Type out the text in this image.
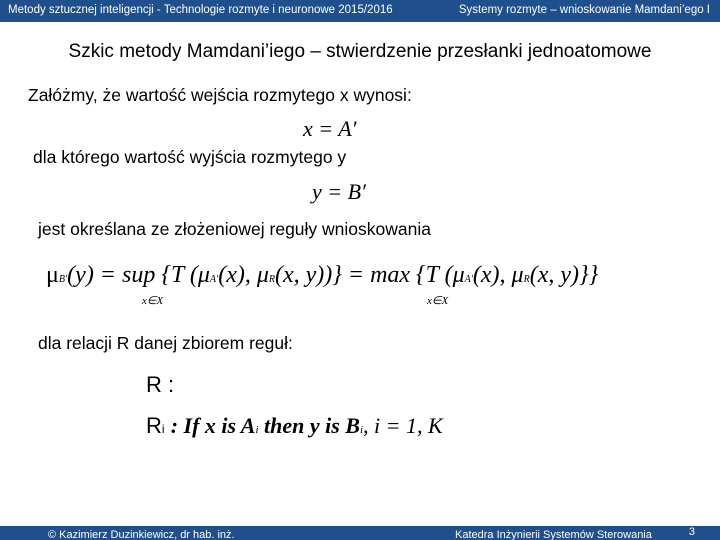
Metody sztucznej inteligencji - Technologie rozmyte i neuronowe 2015/2016	Systemy rozmyte – wnioskowanie Mamdani’ego I
Szkic metody Mamdani’iego – stwierdzenie przesłanki jednoatomowe
Załóżmy, że wartość wejścia rozmytego x wynosi:
x = A′
dla którego wartość wyjścia rozmytego y
y = B′
jest określana ze złożeniowej reguły wnioskowania
μB′(y) = sup {T (μA′(x), μR(x, y))} = max {T (μA′(x), μR(x, y)}}
x∈X	x∈X
dla relacji R danej zbiorem reguł:
R :
Ri : If x is Ai then y is Bi, i = 1, K
© Kazimierz Duzinkiewicz, dr hab. inż.	Katedra Inżynierii Systemów Sterowania	3
